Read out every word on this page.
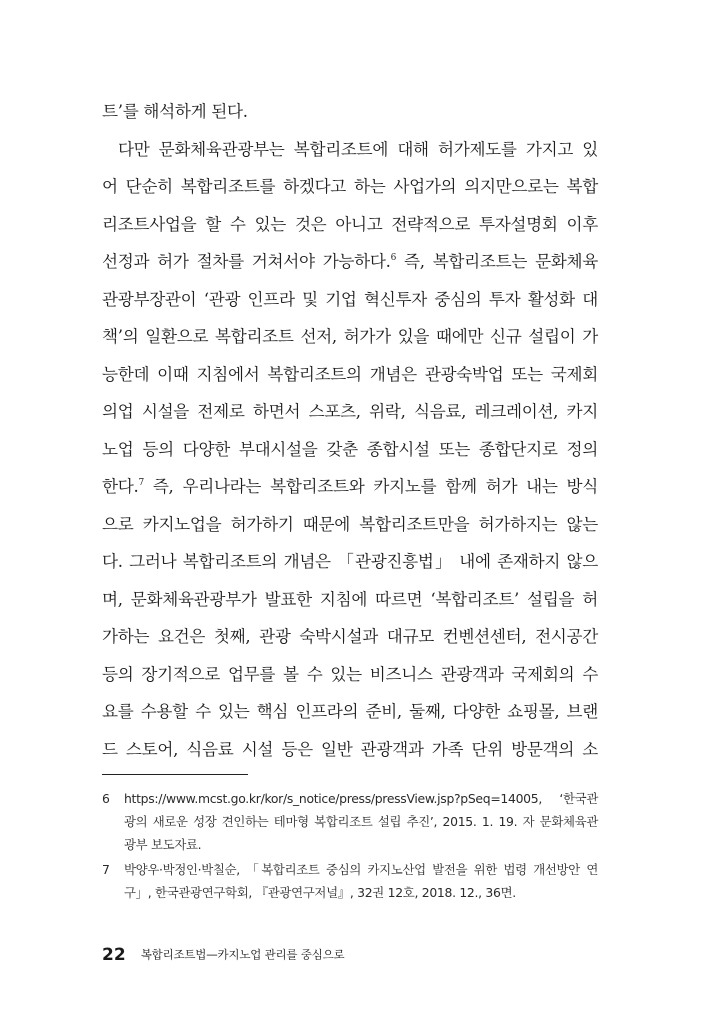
트’를 해석하게 된다.
다만 문화체육관광부는 복합리조트에 대해 허가제도를 가지고 있
어 단순히 복합리조트를 하겠다고 하는 사업가의 의지만으로는 복합
리조트사업을 할 수 있는 것은 아니고 전략적으로 투자설명회 이후
선정과 허가 절차를 거쳐서야 가능하다.$^6$ 즉, 복합리조트는 문화체육
관광부장관이 ‘관광 인프라 및 기업 혁신투자 중심의 투자 활성화 대
책’의 일환으로 복합리조트 선저, 허가가 있을 때에만 신규 설립이 가
능한데 이때 지침에서 복합리조트의 개념은 관광숙박업 또는 국제회
의업 시설을 전제로 하면서 스포츠, 위락, 식음료, 레크레이션, 카지
노업 등의 다양한 부대시설을 갖춘 종합시설 또는 종합단지로 정의
한다.$^7$ 즉, 우리나라는 복합리조트와 카지노를 함께 허가 내는 방식
으로 카지노업을 허가하기 때문에 복합리조트만을 허가하지는 않는
다. 그러나 복합리조트의 개념은 「관광진흥법」 내에 존재하지 않으
며, 문화체육관광부가 발표한 지침에 따르면 ‘복합리조트’ 설립을 허
가하는 요건은 첫째, 관광 숙박시설과 대규모 컨벤션센터, 전시공간
등의 장기적으로 업무를 볼 수 있는 비즈니스 관광객과 국제회의 수
요를 수용할 수 있는 핵심 인프라의 준비, 둘째, 다양한 쇼핑몰, 브랜
드 스토어, 식음료 시설 등은 일반 관광객과 가족 단위 방문객의 소
6 https://www.mcst.go.kr/kor/s_notice/press/pressView.jsp?pSeq=14005, ‘한국관
광의 새로운 성장 견인하는 테마형 복합리조트 설립 추진’, 2015. 1. 19. 자 문화체육관
광부 보도자료.
7 박양우·박정인·박칠순, 「복합리조트 중심의 카지노산업 발전을 위한 법령 개선방안 연
구」, 한국관광연구학회, 『관광연구저널』, 32권 12호, 2018. 12., 36면.
22 복합리조트법—카지노업 관리를 중심으로
